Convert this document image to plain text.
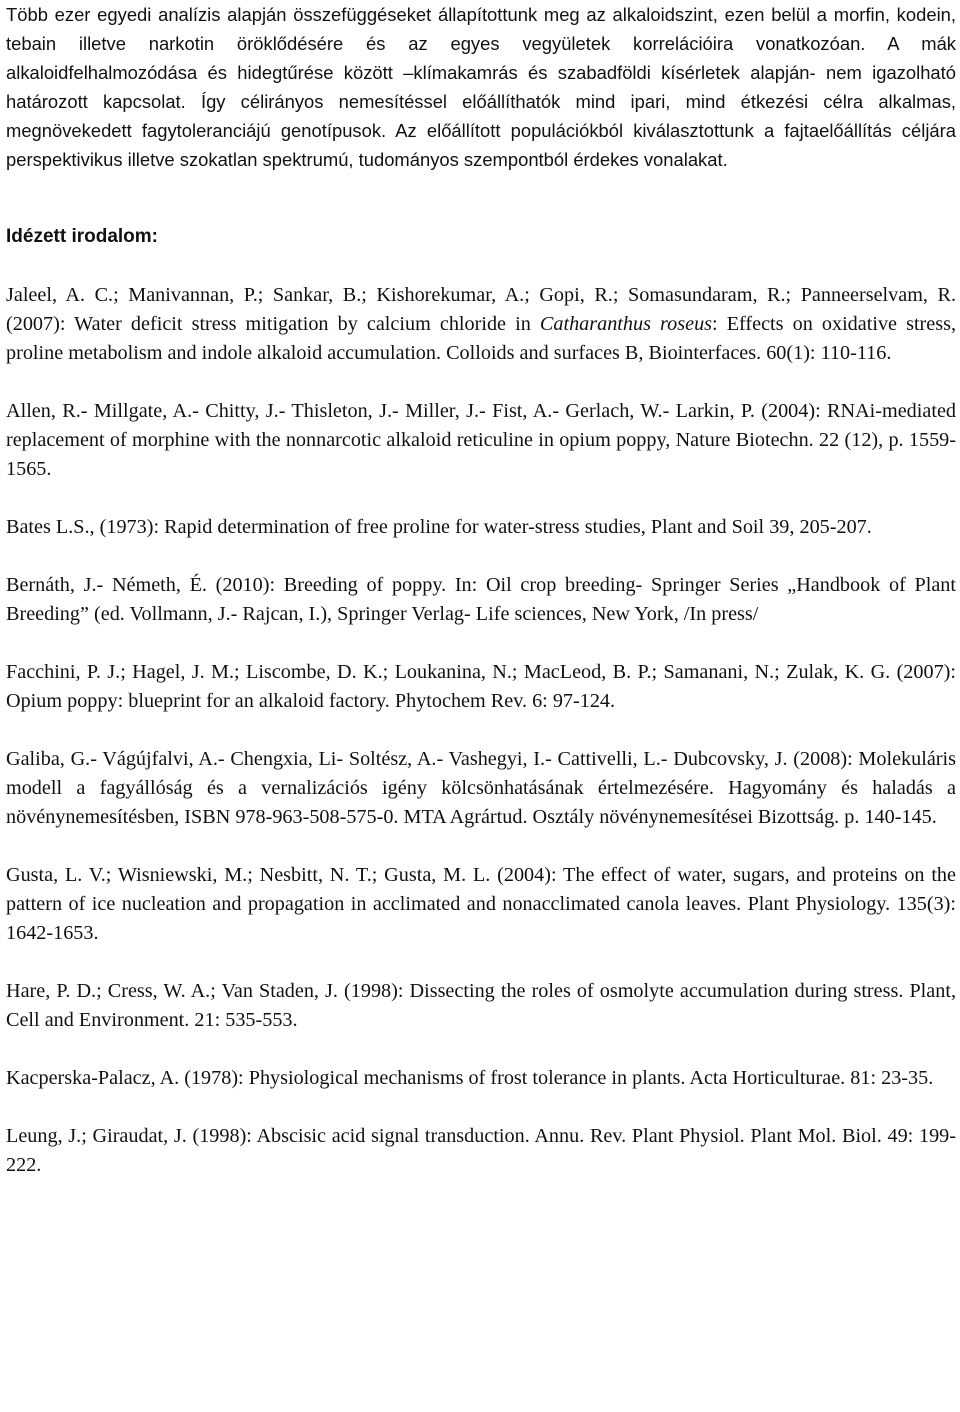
Több ezer egyedi analízis alapján összefüggéseket állapítottunk meg az alkaloidszint, ezen belül a morfin, kodein, tebain illetve narkotin öröklődésére és az egyes vegyületek korrelációira vonatkozóan. A mák alkaloidfelhalmozódása és hidegtűrése között –klímakamrás és szabadföldi kísérletek alapján- nem igazolható határozott kapcsolat. Így célirányos nemesítéssel előállíthatók mind ipari, mind étkezési célra alkalmas, megnövekedett fagytoleranciájú genotípusok. Az előállított populációkból kiválasztottunk a fajtaelőállítás céljára perspektivikus illetve szokatlan spektrumú, tudományos szempontból érdekes vonalakat.

Idézett irodalom:

Jaleel, A. C.; Manivannan, P.; Sankar, B.; Kishorekumar, A.; Gopi, R.; Somasundaram, R.; Panneerselvam, R. (2007): Water deficit stress mitigation by calcium chloride in Catharanthus roseus: Effects on oxidative stress, proline metabolism and indole alkaloid accumulation. Colloids and surfaces B, Biointerfaces. 60(1): 110-116.

Allen, R.- Millgate, A.- Chitty, J.- Thisleton, J.- Miller, J.- Fist, A.- Gerlach, W.- Larkin, P. (2004): RNAi-mediated replacement of morphine with the nonnarcotic alkaloid reticuline in opium poppy, Nature Biotechn. 22 (12), p. 1559-1565.

Bates L.S., (1973): Rapid determination of free proline for water-stress studies, Plant and Soil 39, 205-207.

Bernáth, J.- Németh, É. (2010): Breeding of poppy. In: Oil crop breeding- Springer Series „Handbook of Plant Breeding” (ed. Vollmann, J.- Rajcan, I.), Springer Verlag- Life sciences, New York, /In press/

Facchini, P. J.; Hagel, J. M.; Liscombe, D. K.; Loukanina, N.; MacLeod, B. P.; Samanani, N.; Zulak, K. G. (2007): Opium poppy: blueprint for an alkaloid factory. Phytochem Rev. 6: 97-124.

Galiba, G.- Vágújfalvi, A.- Chengxia, Li- Soltész, A.- Vashegyi, I.- Cattivelli, L.- Dubcovsky, J. (2008): Molekuláris modell a fagyállóság és a vernalizációs igény kölcsönhatásának értelmezésére. Hagyomány és haladás a növénynemesítésben, ISBN 978-963-508-575-0. MTA Agrártud. Osztály növénynemesítései Bizottság. p. 140-145.

Gusta, L. V.; Wisniewski, M.; Nesbitt, N. T.; Gusta, M. L. (2004): The effect of water, sugars, and proteins on the pattern of ice nucleation and propagation in acclimated and nonacclimated canola leaves. Plant Physiology. 135(3): 1642-1653.

Hare, P. D.; Cress, W. A.; Van Staden, J. (1998): Dissecting the roles of osmolyte accumulation during stress. Plant, Cell and Environment. 21: 535-553.

Kacperska-Palacz, A. (1978): Physiological mechanisms of frost tolerance in plants. Acta Horticulturae. 81: 23-35.

Leung, J.; Giraudat, J. (1998): Abscisic acid signal transduction. Annu. Rev. Plant Physiol. Plant Mol. Biol. 49: 199-222.
